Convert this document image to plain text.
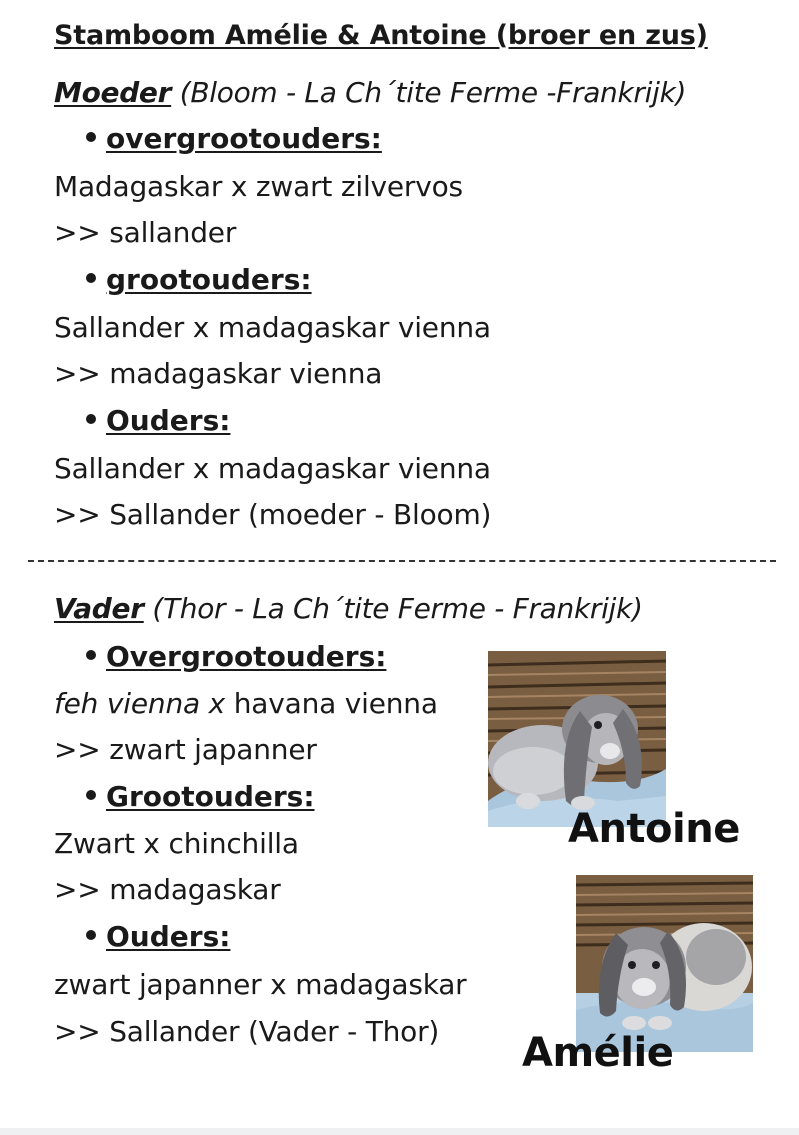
Stamboom Amélie & Antoine (broer en zus)
Moeder (Bloom - La Ch´tite Ferme -Frankrijk)
overgrootouders:
Madagaskar x zwart zilvervos
>> sallander
grootouders:
Sallander x madagaskar vienna
>> madagaskar vienna
Ouders:
Sallander x madagaskar vienna
>> Sallander (moeder - Bloom)
Vader (Thor - La Ch´tite Ferme - Frankrijk)
Overgrootouders:
feh vienna x havana vienna
>> zwart japanner
Grootouders:
Zwart x chinchilla
>> madagaskar
Ouders:
zwart japanner x madagaskar
>> Sallander (Vader - Thor)
Antoine
Amélie
